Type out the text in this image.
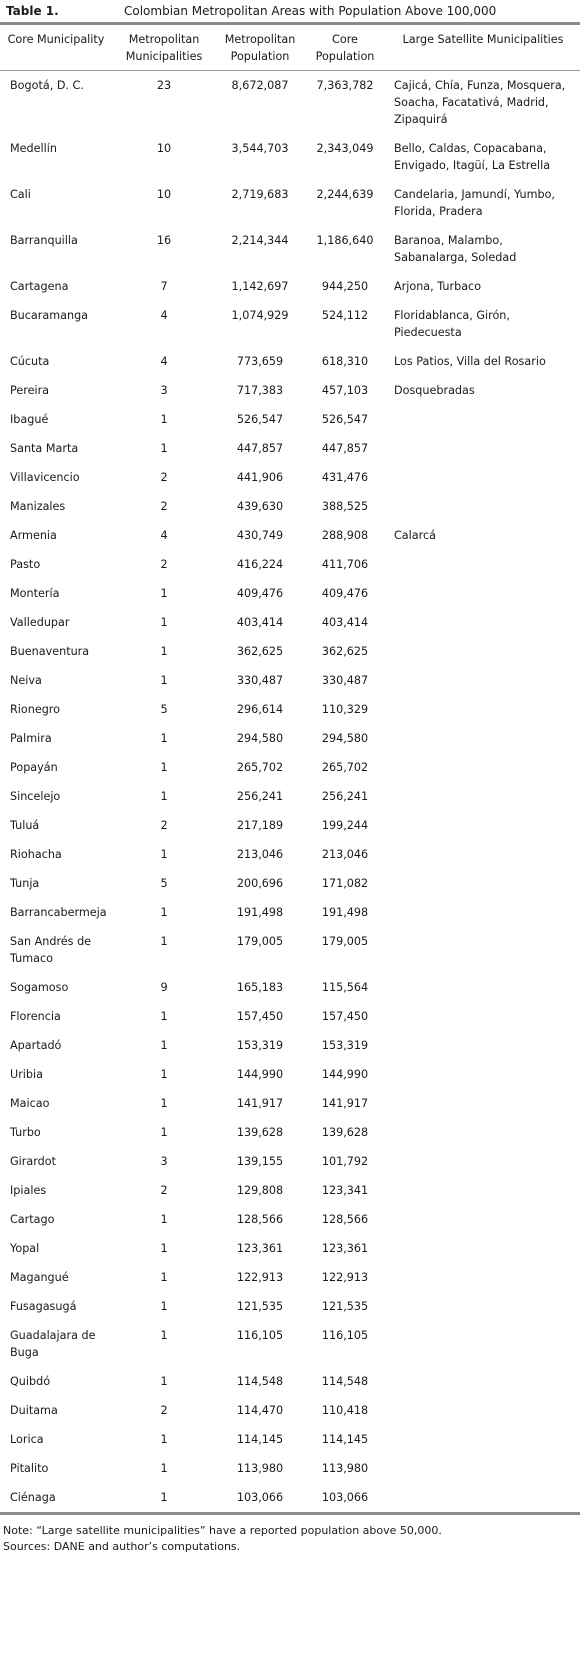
Table 1.	Colombian Metropolitan Areas with Population Above 100,000
Core Municipality	Metropolitan Municipalities	Metropolitan Population	Core Population	Large Satellite Municipalities
Bogotá, D. C.	23	8,672,087	7,363,782	Cajicá, Chía, Funza, Mosquera, Soacha, Facatativá, Madrid, Zipaquirá
Medellín	10	3,544,703	2,343,049	Bello, Caldas, Copacabana, Envigado, Itagüí, La Estrella
Cali	10	2,719,683	2,244,639	Candelaria, Jamundí, Yumbo, Florida, Pradera
Barranquilla	16	2,214,344	1,186,640	Baranoa, Malambo, Sabanalarga, Soledad
Cartagena	7	1,142,697	944,250	Arjona, Turbaco
Bucaramanga	4	1,074,929	524,112	Floridablanca, Girón, Piedecuesta
Cúcuta	4	773,659	618,310	Los Patios, Villa del Rosario
Pereira	3	717,383	457,103	Dosquebradas
Ibagué	1	526,547	526,547	
Santa Marta	1	447,857	447,857	
Villavicencio	2	441,906	431,476	
Manizales	2	439,630	388,525	
Armenia	4	430,749	288,908	Calarcá
Pasto	2	416,224	411,706	
Montería	1	409,476	409,476	
Valledupar	1	403,414	403,414	
Buenaventura	1	362,625	362,625	
Neiva	1	330,487	330,487	
Rionegro	5	296,614	110,329	
Palmira	1	294,580	294,580	
Popayán	1	265,702	265,702	
Sincelejo	1	256,241	256,241	
Tuluá	2	217,189	199,244	
Riohacha	1	213,046	213,046	
Tunja	5	200,696	171,082	
Barrancabermeja	1	191,498	191,498	
San Andrés de Tumaco	1	179,005	179,005	
Sogamoso	9	165,183	115,564	
Florencia	1	157,450	157,450	
Apartadó	1	153,319	153,319	
Uribia	1	144,990	144,990	
Maicao	1	141,917	141,917	
Turbo	1	139,628	139,628	
Girardot	3	139,155	101,792	
Ipiales	2	129,808	123,341	
Cartago	1	128,566	128,566	
Yopal	1	123,361	123,361	
Magangué	1	122,913	122,913	
Fusagasugá	1	121,535	121,535	
Guadalajara de Buga	1	116,105	116,105	
Quibdó	1	114,548	114,548	
Duitama	2	114,470	110,418	
Lorica	1	114,145	114,145	
Pitalito	1	113,980	113,980	
Ciénaga	1	103,066	103,066	
Note: “Large satellite municipalities” have a reported population above 50,000.
Sources: DANE and author’s computations.
